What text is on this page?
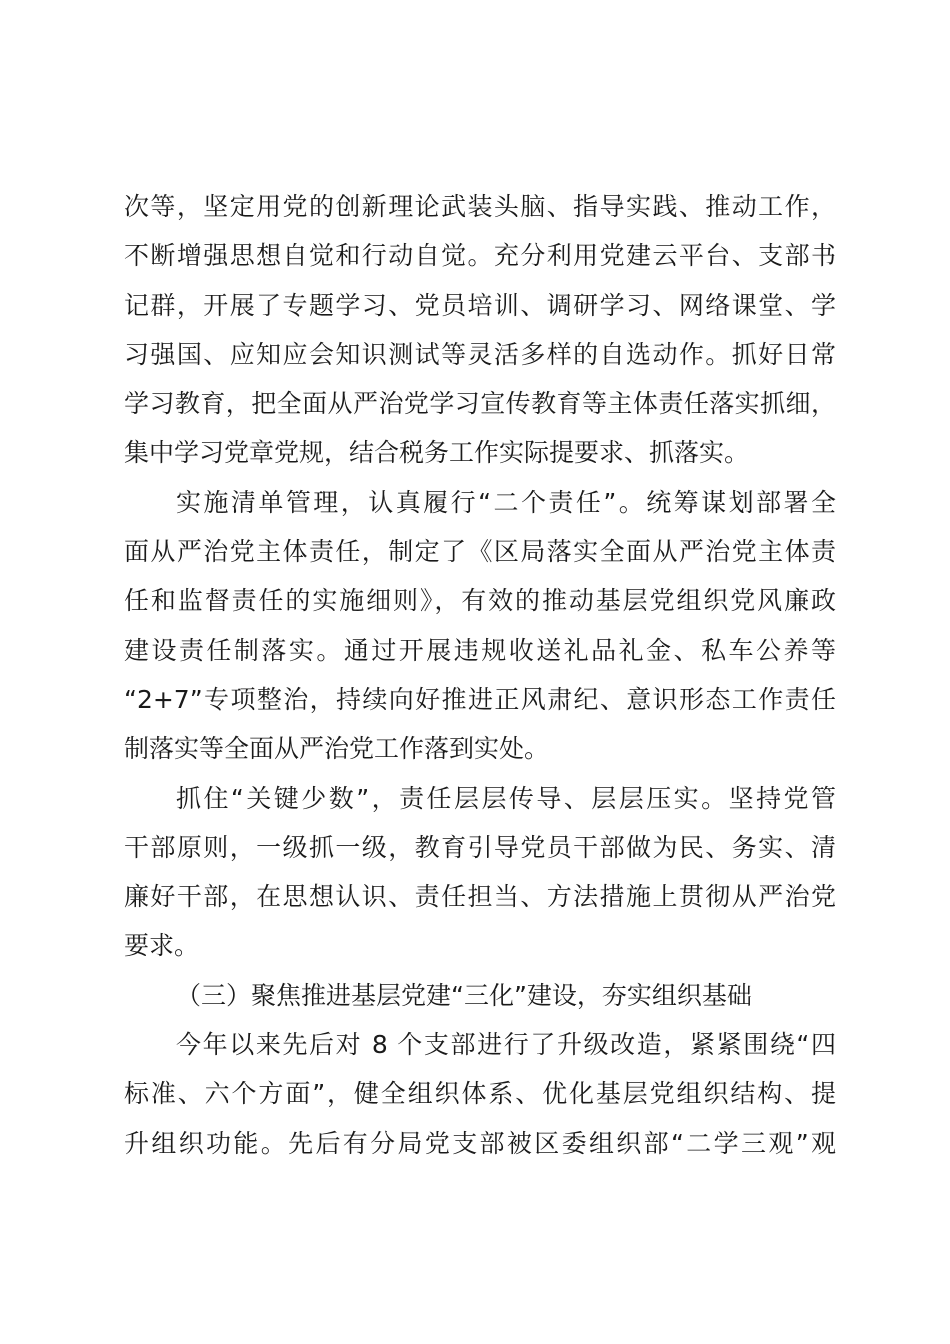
次等，坚定用党的创新理论武装头脑、指导实践、推动工作，
不断增强思想自觉和行动自觉。充分利用党建云平台、支部书
记群，开展了专题学习、党员培训、调研学习、网络课堂、学
习强国、应知应会知识测试等灵活多样的自选动作。抓好日常
学习教育，把全面从严治党学习宣传教育等主体责任落实抓细，
集中学习党章党规，结合税务工作实际提要求、抓落实。
实施清单管理，认真履行“二个责任”。统筹谋划部署全
面从严治党主体责任，制定了《区局落实全面从严治党主体责
任和监督责任的实施细则》，有效的推动基层党组织党风廉政
建设责任制落实。通过开展违规收送礼品礼金、私车公养等
“2+7”专项整治，持续向好推进正风肃纪、意识形态工作责任
制落实等全面从严治党工作落到实处。
抓住“关键少数”，责任层层传导、层层压实。坚持党管
干部原则，一级抓一级，教育引导党员干部做为民、务实、清
廉好干部，在思想认识、责任担当、方法措施上贯彻从严治党
要求。
（三）聚焦推进基层党建“三化”建设，夯实组织基础
今年以来先后对 8 个支部进行了升级改造，紧紧围绕“四
标准、六个方面”，健全组织体系、优化基层党组织结构、提
升组织功能。先后有分局党支部被区委组织部“二学三观”观
